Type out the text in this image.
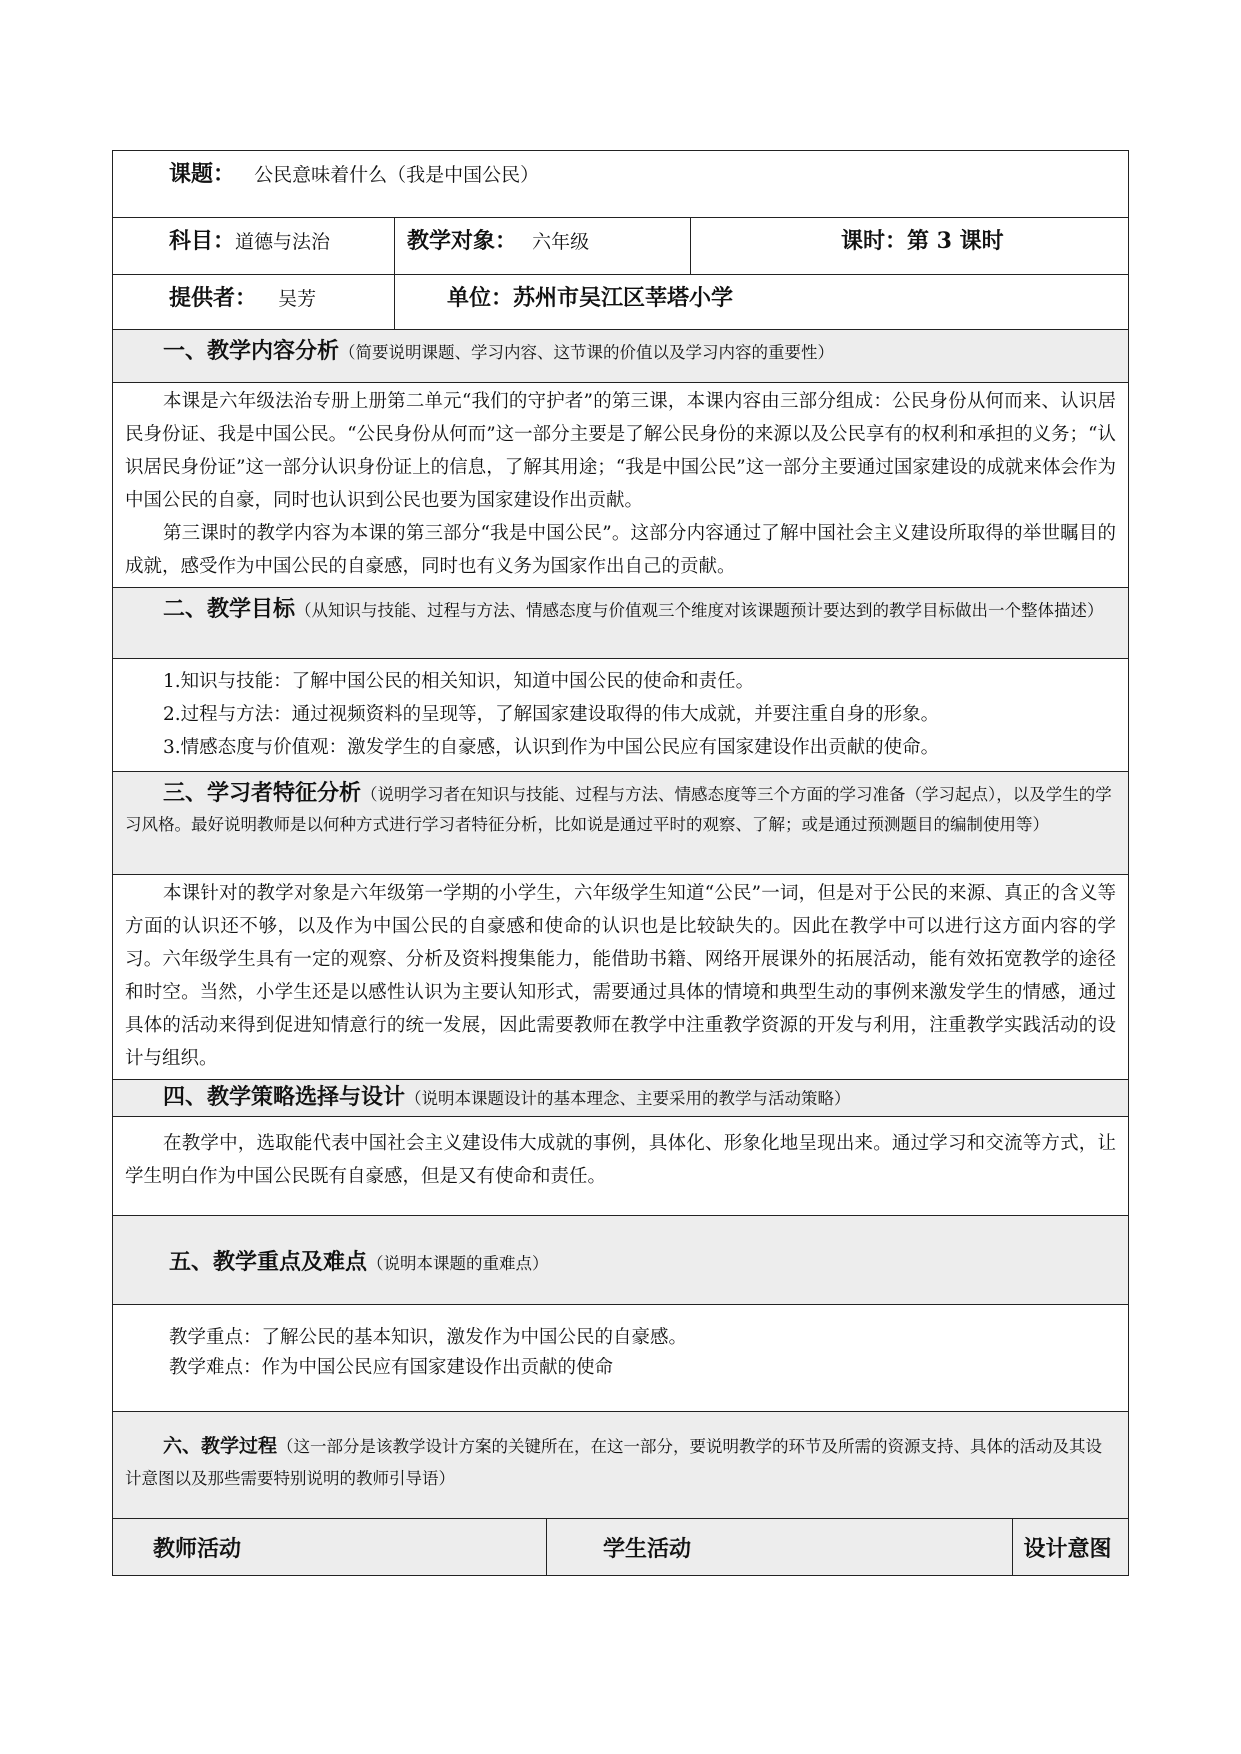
课题： 公民意味着什么（我是中国公民）				
科目：道德与法治	教学对象： 六年级		课时：第 3 课时	
提供者： 吴芳	单位：苏州市吴江区莘塔小学			
一、教学内容分析（简要说明课题、学习内容、这节课的价值以及学习内容的重要性）				

本课是六年级法治专册上册第二单元“我们的守护者”的第三课，本课内容由三部分组成：公民身份从何而来、认识居民身份证、我是中国公民。“公民身份从何而”这一部分主要是了解公民身份的来源以及公民享有的权利和承担的义务；“认识居民身份证”这一部分认识身份证上的信息，了解其用途；“我是中国公民”这一部分主要通过国家建设的成就来体会作为中国公民的自豪，同时也认识到公民也要为国家建设作出贡献。

第三课时的教学内容为本课的第三部分“我是中国公民”。这部分内容通过了解中国社会主义建设所取得的举世瞩目的成就，感受作为中国公民的自豪感，同时也有义务为国家作出自己的贡献。				

二、教学目标（从知识与技能、过程与方法、情感态度与价值观三个维度对该课题预计要达到的教学目标做出一个整体描述）				

1.知识与技能：了解中国公民的相关知识，知道中国公民的使命和责任。
2.过程与方法：通过视频资料的呈现等，了解国家建设取得的伟大成就，并要注重自身的形象。
3.情感态度与价值观：激发学生的自豪感，认识到作为中国公民应有国家建设作出贡献的使命。				

三、学习者特征分析（说明学习者在知识与技能、过程与方法、情感态度等三个方面的学习准备（学习起点），以及学生的学习风格。最好说明教师是以何种方式进行学习者特征分析，比如说是通过平时的观察、了解；或是通过预测题目的编制使用等）				

本课针对的教学对象是六年级第一学期的小学生，六年级学生知道“公民”一词，但是对于公民的来源、真正的含义等方面的认识还不够，以及作为中国公民的自豪感和使命的认识也是比较缺失的。因此在教学中可以进行这方面内容的学习。六年级学生具有一定的观察、分析及资料搜集能力，能借助书籍、网络开展课外的拓展活动，能有效拓宽教学的途径和时空。当然，小学生还是以感性认识为主要认知形式，需要通过具体的情境和典型生动的事例来激发学生的情感，通过具体的活动来得到促进知情意行的统一发展，因此需要教师在教学中注重教学资源的开发与利用，注重教学实践活动的设计与组织。				

四、教学策略选择与设计（说明本课题设计的基本理念、主要采用的教学与活动策略）				

在教学中，选取能代表中国社会主义建设伟大成就的事例，具体化、形象化地呈现出来。通过学习和交流等方式，让学生明白作为中国公民既有自豪感，但是又有使命和责任。				

五、教学重点及难点（说明本课题的重难点）				

教学重点：了解公民的基本知识，激发作为中国公民的自豪感。
教学难点：作为中国公民应有国家建设作出贡献的使命				

六、教学过程（这一部分是该教学设计方案的关键所在，在这一部分，要说明教学的环节及所需的资源支持、具体的活动及其设计意图以及那些需要特别说明的教师引导语）				
教师活动		学生活动		设计意图
